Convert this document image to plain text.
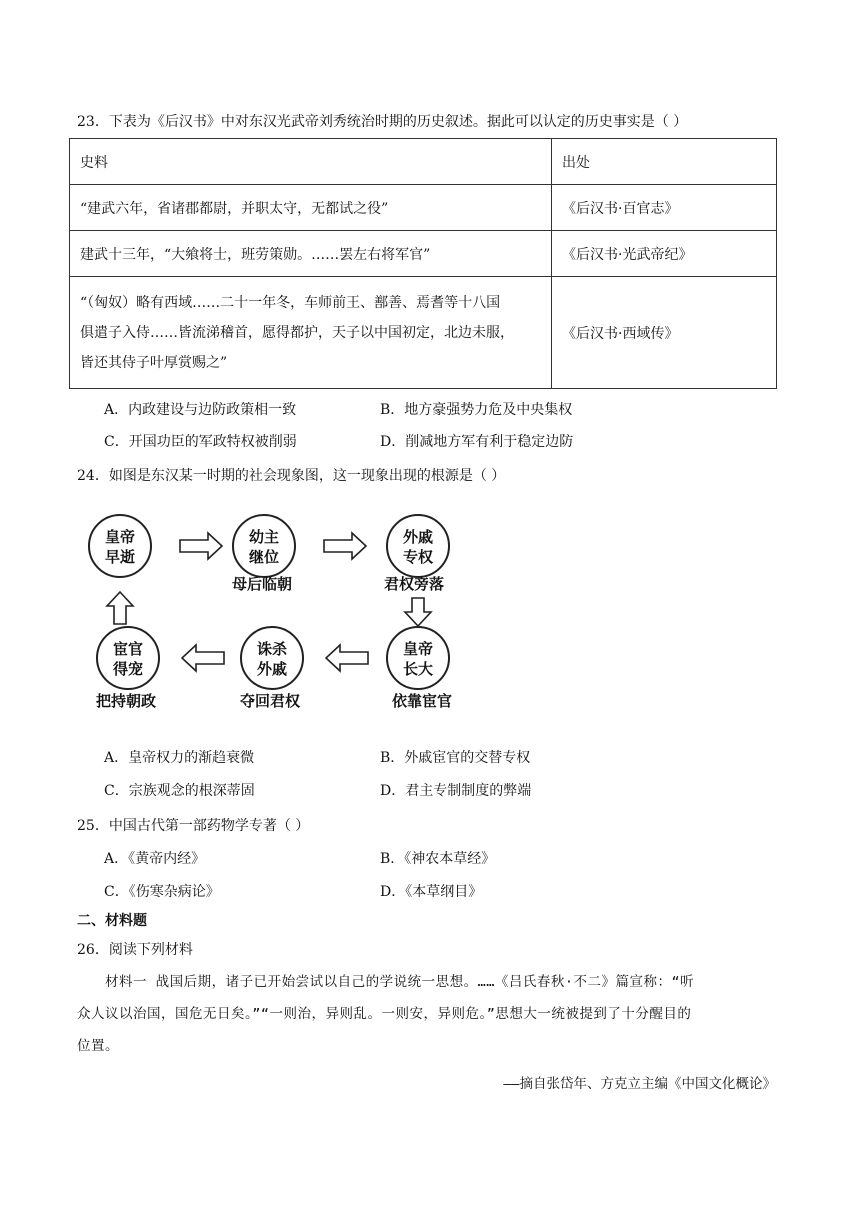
23．下表为《后汉书》中对东汉光武帝刘秀统治时期的历史叙述。据此可以认定的历史事实是（ ）
史料	出处
“建武六年，省诸郡都尉，并职太守，无都试之役”	《后汉书·百官志》
建武十三年，“大飨将士，班劳策勋。……罢左右将军官”	《后汉书·光武帝纪》

“（匈奴）略有西域……二十一年冬，车师前王、鄯善、焉耆等十八国
俱遣子入侍……皆流涕稽首，愿得都护，天子以中国初定，北边未服，
皆还其侍子叶厚赏赐之”	《后汉书·西域传》
A．内政建设与边防政策相一致	B．地方豪强势力危及中央集权
C．开国功臣的军政特权被削弱	D．削减地方军有利于稳定边防
24．如图是东汉某一时期的社会现象图，这一现象出现的根源是（ ）
皇帝
早逝
幼主
继位
母后临朝
外戚
专权
君权旁落
皇帝
长大
依靠宦官
诛杀
外戚
夺回君权
宦官
得宠
把持朝政
A．皇帝权力的渐趋衰微	B．外戚宦官的交替专权
C．宗族观念的根深蒂固	D．君主专制制度的弊端
25．中国古代第一部药物学专著（ ）
A．《黄帝内经》	B．《神农本草经》
C．《伤寒杂病论》	D．《本草纲目》
二、材料题
26．阅读下列材料
材料一 战国后期，诸子已开始尝试以自己的学说统一思想。……《吕氏春秋·不二》篇宣称：“听
众人议以治国，国危无日矣。”“一则治，异则乱。一则安，异则危。”思想大一统被提到了十分醒目的
位置。
——摘自张岱年、方克立主编《中国文化概论》
